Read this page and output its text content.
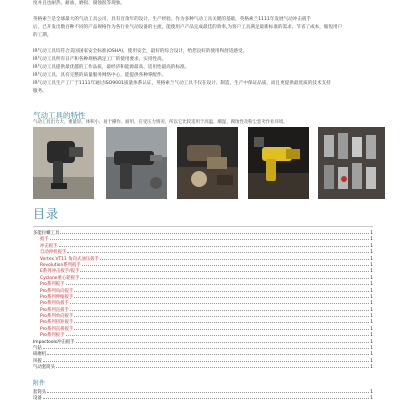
度并且也耐热、耐油、磨损、腐蚀很等现象。

英格索兰是全球最大的气动工具公司，具有百余年的设计、生产经验。作为多种气动工具关键的基础，英格索兰1111年发展气动冲击扳手

后，已开发出数百种不同的产品规格作为各行业气动设备的主流，能使用户产品完成最佳的效率,为客户工具满足最新标准的需求。节省了成本，缩短用户

的工期。

IR气动工具均符合美国国家安全标准(OSHA)，使用安全，最好的综合设计，给您良好的使用和舒适感受。

IR气动工具所有日产和各种规格满足工厂的使用要求，实用性高。

IR气动工具提供最优越的工作品质，最经济和能源最高、适用性最高的标准。

IR气动工具，具有完整的质量服务网络中心，能提供各种零配件。

IR气动工具生产工厂于1111年通过ISO9001质量体系认证，英格索兰气动工具不仅在设计、制造，生产中保证品质，而且更提供最优质的技术支持

服务。

气动工具的特性
气动工具出力大、重量轻、体积小、易于操作、耐用、在受压力情况、所以它比较适用于高温、潮湿、腐蚀性及粉尘恶劣作业环境。
目录
多能拉螺工具	1
扳手	1
冲击扳手	1
自动停机扳手	1
Vortex VT11 角向式油压扳手	1
Revolution系列扳手	1
E系列冲击扳手/扳手	1
Cyclone重心轮扳手	1
Pro系列扳手	1
Pro系列角向扳手	1
Pro系列伸缩扳手	1
Pro系列角扳手	1
Pro系列直扳手	1
Pro系列单向扳手	1
Pro系列扭矩扳手	1
Pro系列直扳扳手	1
Pro系列扳手	1
Impactools冲击扳手	1
气钻	1
研磨机	1
风扳	1
气动套筒头	1
附件
套筒头	1
设备	1
